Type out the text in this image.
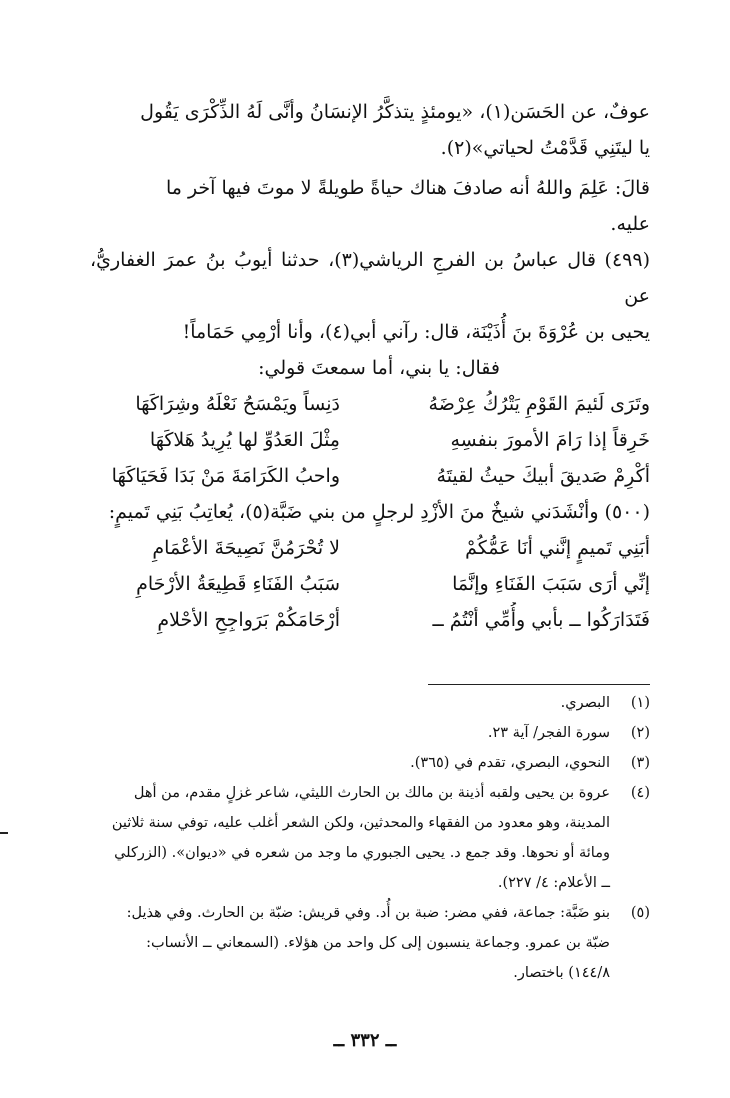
عوفٌ، عن الحَسَن(١)، «يومئذٍ يتذكَّرُ الإنسَانُ وأنَّى لَهُ الذِّكْرَى يَقُول

يا ليتَنِي قَدَّمْتُ لحياتي»(٢).

قالَ: عَلِمَ واللهُ أنه صادفَ هناك حياةً طويلةً لا موتَ فيها آخر ما

عليه.

(٤٩٩) قال عباسُ بن الفرجِ الرياشي(٣)، حدثنا أيوبُ بنُ عمرَ الغفاريُّ، عن

يحيى بن عُرْوَةَ بنَ أُذَيْنَة، قال: رآني أبي(٤)، وأنا أرْمِي حَمَاماً!

فقال: يا بني، أما سمعتَ قولي:

وتَرَى لَئيمَ القَوْمِ يَتْرُكُ عِرْضَهُ
دَنِساً ويَمْسَحُ نَعْلَهُ وشِرَاكَهَا
خَرِقاً إذا رَامَ الأمورَ بنفسِهِ
مِثْلَ العَدُوِّ لها يُرِيدُ هَلاكَهَا
أكْرِمْ صَديقَ أبيكَ حيثُ لقيتَهُ
واحبُ الكَرَامَةَ مَنْ بَدَا فَحَيَاكَهَا

(٥٠٠) وأنْشَدَني شيخٌ منَ الأزْدِ لرجلٍ من بني ضَبَّة(٥)، يُعاتِبُ بَنِي تَميمٍ:

أبَنِي تَميمٍ إنَّني أنَا عَمُّكُمْ
لا تُحْرَمُنَّ نَصِيحَةَ الأعْمَامِ
إنِّي أرَى سَبَبَ الفَنَاءِ وإنَّمَا
سَبَبُ الفَنَاءِ قَطِيعَةُ الأرْحَامِ
فَتَدَارَكُوا ــ بأبي وأُمِّي أنْتُمُ ــ
أرْحَامَكُمْ بَرَواجِحِ الأحْلامِ
(١)
البصري.
(٢)
سورة الفجر/ آية ٢٣.
(٣)
النحوي، البصري، تقدم في (٣٦٥).
(٤)
عروة بن يحيى ولقبه أذينة بن مالك بن الحارث الليثي، شاعر غزلٍ مقدم، من أهل
المدينة، وهو معدود من الفقهاء والمحدثين، ولكن الشعر أغلب عليه، توفي سنة ثلاثين
ومائة أو نحوها. وقد جمع د. يحيى الجبوري ما وجد من شعره في «ديوان». (الزركلي
ــ الأعلام: ٤/ ٢٢٧).
(٥)
بنو ضَبَّة: جماعة، ففي مضر: ضبة بن أُد. وفي قريش: ضبّة بن الحارث. وفي هذيل:
ضبّة بن عمرو. وجماعة ينسبون إلى كل واحد من هؤلاء. (السمعاني ــ الأنساب:
١٤٤/٨) باختصار.
ــ ٣٣٢ ــ
